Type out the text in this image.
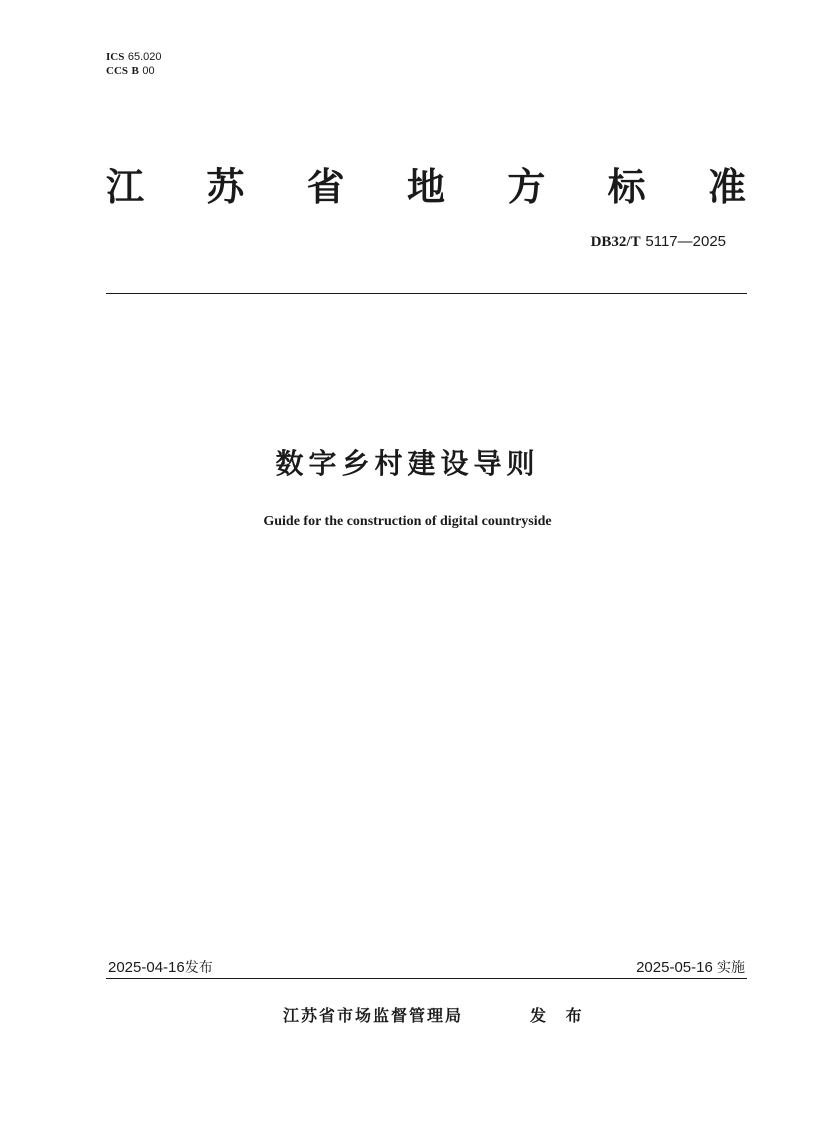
ICS 65.020
CCS B 00
江 苏 省 地 方 标 准
DB32/T 5117—2025
数字乡村建设导则
Guide for the construction of digital countryside
2025-04-16发布	2025-05-16 实施
江苏省市场监督管理局	发 布
